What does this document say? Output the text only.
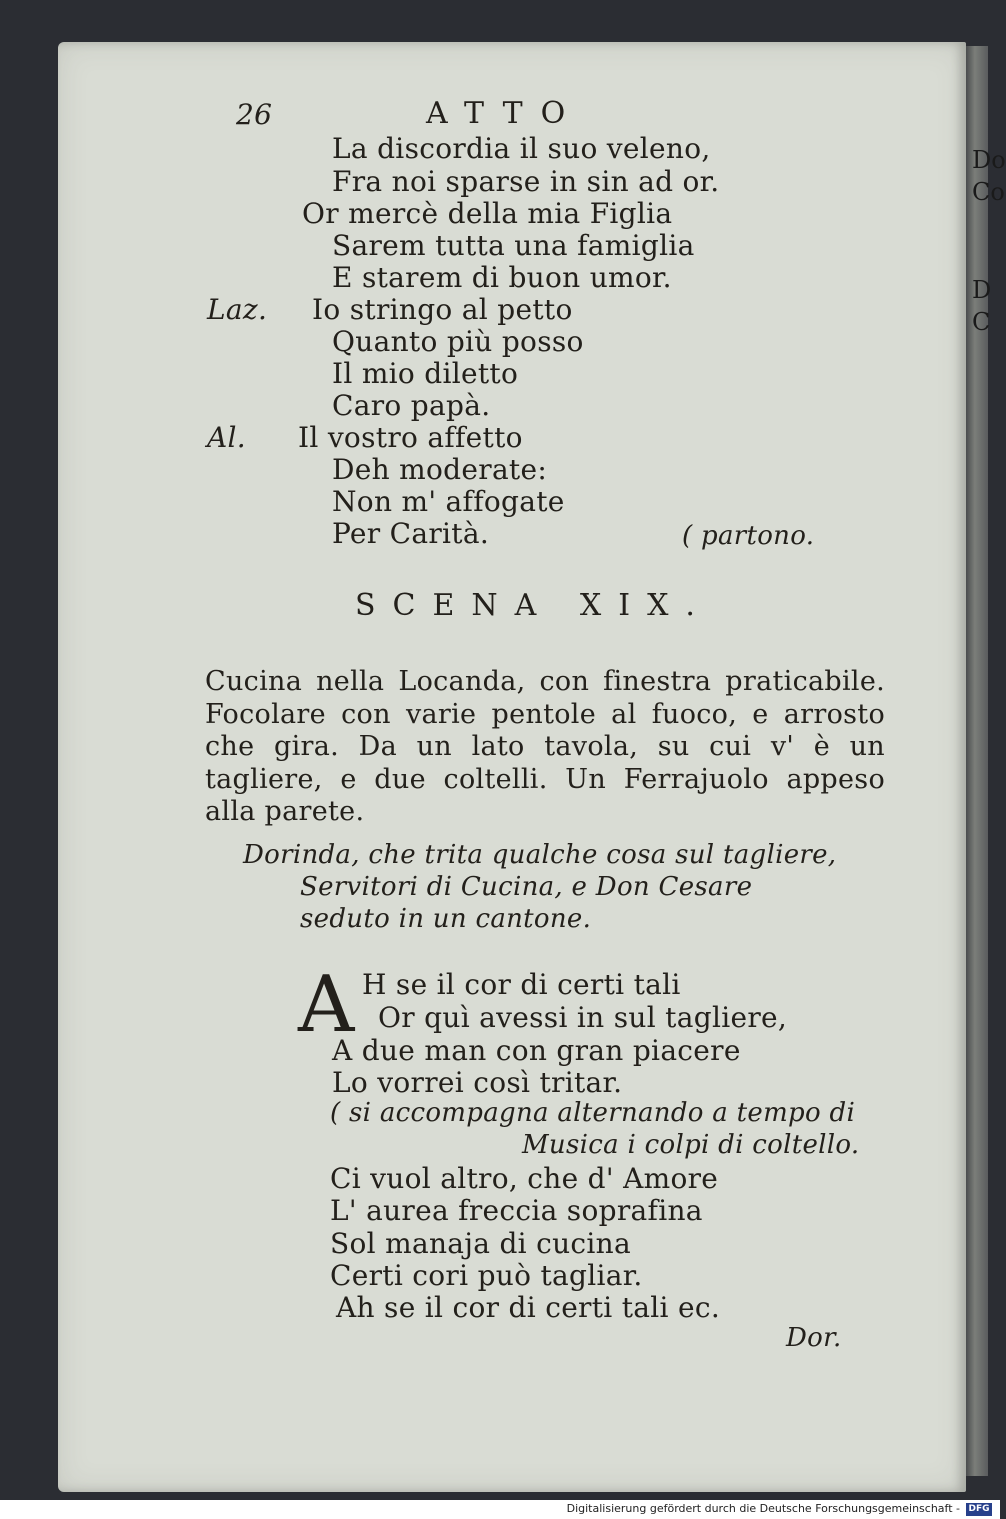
Do
Co
D
C
26	ATTO
La discordia il suo veleno,
Fra noi sparse in sin ad or.
Or mercè della mia Figlia
Sarem tutta una famiglia
E starem di buon umor.
Laz. Io stringo al petto
Quanto più posso
Il mio diletto
Caro papà.
Al. Il vostro affetto
Deh moderate:
Non m' affogate
Per Carità.	( partono.
SCENA XIX.
Cucina nella Locanda, con finestra praticabile. Focolare con varie pentole al fuoco, e arrosto che gira. Da un lato tavola, su cui v' è un tagliere, e due coltelli. Un Ferrajuolo appeso alla parete.
Dorinda, che trita qualche cosa sul tagliere,
Servitori di Cucina, e Don Cesare
seduto in un cantone.
A H se il cor di certi tali
Or quì avessi in sul tagliere,
A due man con gran piacere
Lo vorrei così tritar.
( si accompagna alternando a tempo di
Musica i colpi di coltello.
Ci vuol altro, che d' Amore
L' aurea freccia soprafina
Sol manaja di cucina
Certi cori può tagliar.
Ah se il cor di certi tali ec.
Dor.
Digitalisierung gefördert durch die Deutsche Forschungsgemeinschaft - DFG
